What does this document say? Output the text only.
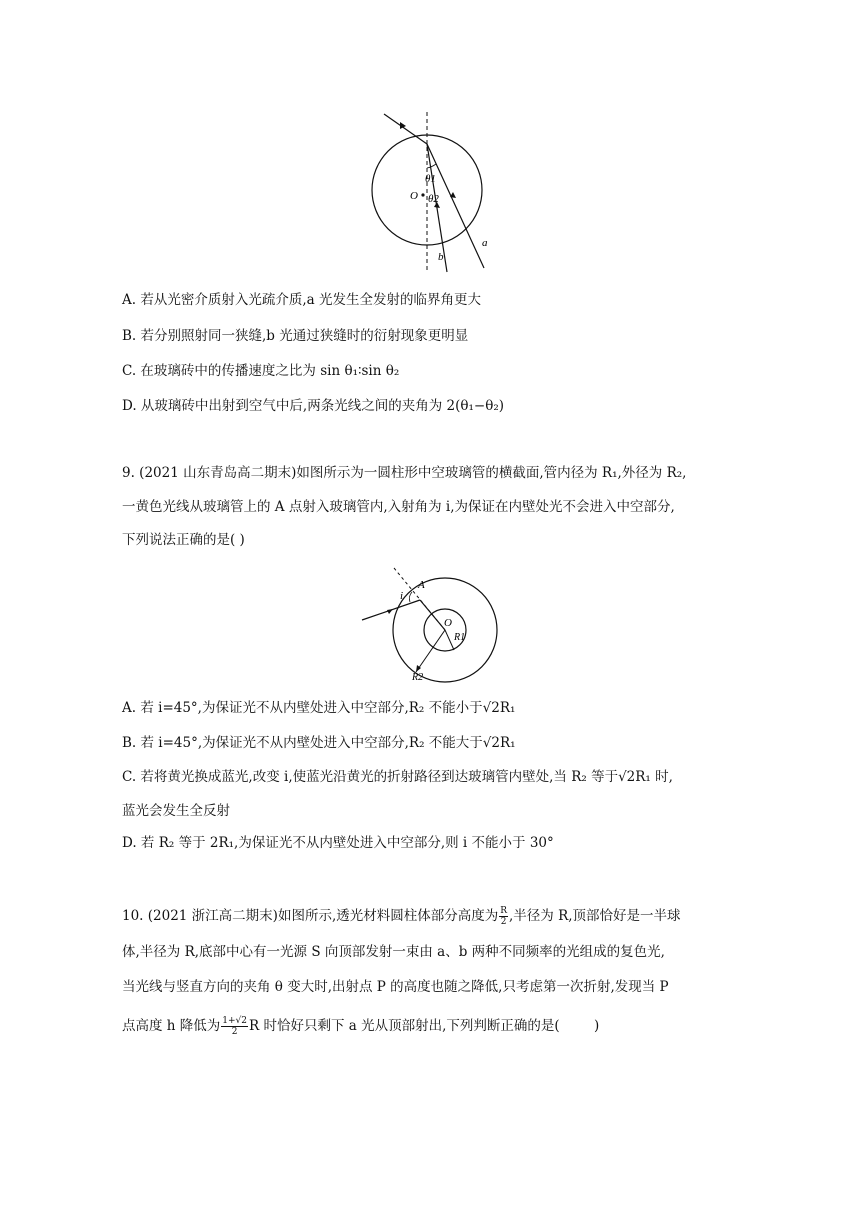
θ1
θ2
O
a
b
A. 若从光密介质射入光疏介质,a 光发生全发射的临界角更大
B. 若分别照射同一狭缝,b 光通过狭缝时的衍射现象更明显
C. 在玻璃砖中的传播速度之比为 sin θ₁∶sin θ₂
D. 从玻璃砖中出射到空气中后,两条光线之间的夹角为 2(θ₁−θ₂)
9. (2021 山东青岛高二期末)如图所示为一圆柱形中空玻璃管的横截面,管内径为 R₁,外径为 R₂,
一黄色光线从玻璃管上的 A 点射入玻璃管内,入射角为 i,为保证在内壁处光不会进入中空部分,
下列说法正确的是( )
A
i
O
R1
R2
A. 若 i=45°,为保证光不从内壁处进入中空部分,R₂ 不能小于√2R₁
B. 若 i=45°,为保证光不从内壁处进入中空部分,R₂ 不能大于√2R₁
C. 若将黄光换成蓝光,改变 i,使蓝光沿黄光的折射路径到达玻璃管内壁处,当 R₂ 等于√2R₁ 时,
蓝光会发生全反射
D. 若 R₂ 等于 2R₁,为保证光不从内壁处进入中空部分,则 i 不能小于 30°
10. (2021 浙江高二期末)如图所示,透光材料圆柱体部分高度为 $\frac{R}{2}$ ,半径为 R,顶部恰好是一半球
体,半径为 R,底部中心有一光源 S 向顶部发射一束由 a、b 两种不同频率的光组成的复色光,
当光线与竖直方向的夹角 θ 变大时,出射点 P 的高度也随之降低,只考虑第一次折射,发现当 P
点高度 h 降低为 $\frac{1+√2}{2}$ R 时恰好只剩下 a 光从顶部射出,下列判断正确的是(        )
